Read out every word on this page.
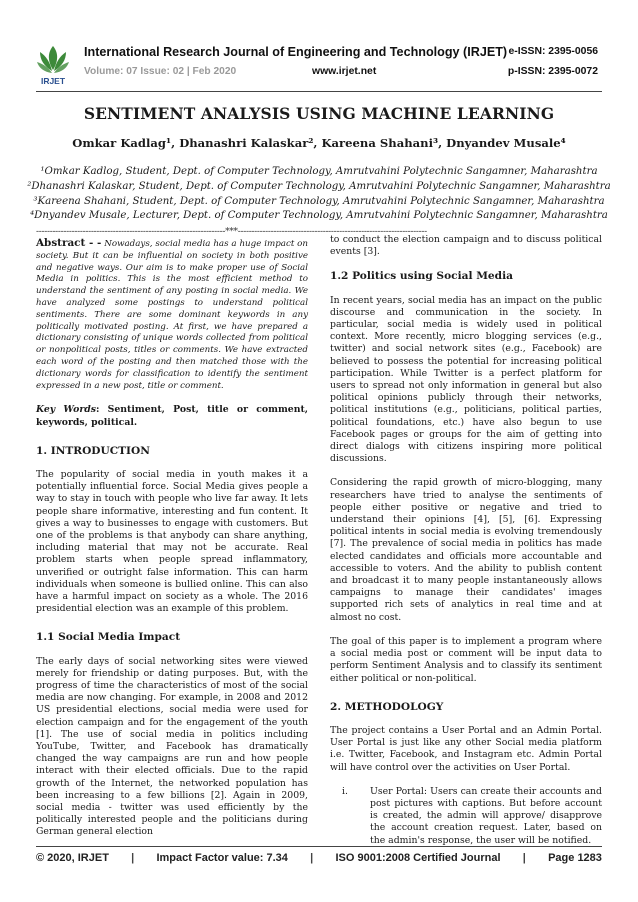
IRJET
International Research Journal of Engineering and Technology (IRJET) e-ISSN: 2395-0056
Volume: 07 Issue: 02 | Feb 2020	www.irjet.net	p-ISSN: 2395-0072
SENTIMENT ANALYSIS USING MACHINE LEARNING
Omkar Kadlag¹, Dhanashri Kalaskar², Kareena Shahani³, Dnyandev Musale⁴
¹Omkar Kadlog, Student, Dept. of Computer Technology, Amrutvahini Polytechnic Sangamner, Maharashtra
²Dhanashri Kalaskar, Student, Dept. of Computer Technology, Amrutvahini Polytechnic Sangamner, Maharashtra
³Kareena Shahani, Student, Dept. of Computer Technology, Amrutvahini Polytechnic Sangamner, Maharashtra
⁴Dnyandev Musale, Lecturer, Dept. of Computer Technology, Amrutvahini Polytechnic Sangamner, Maharashtra
---------------------------------------------------------------------***---------------------------------------------------------------------

Abstract - - Nowadays, social media has a huge impact on society. But it can be influential on society in both positive and negative ways. Our aim is to make proper use of Social Media in politics. This is the most efficient method to understand the sentiment of any posting in social media. We have analyzed some postings to understand political sentiments. There are some dominant keywords in any politically motivated posting. At first, we have prepared a dictionary consisting of unique words collected from political or nonpolitical posts, titles or comments. We have extracted each word of the posting and then matched those with the dictionary words for classification to identify the sentiment expressed in a new post, title or comment.

Key Words: Sentiment, Post, title or comment, keywords, political.

1. INTRODUCTION

The popularity of social media in youth makes it a potentially influential force. Social Media gives people a way to stay in touch with people who live far away. It lets people share informative, interesting and fun content. It gives a way to businesses to engage with customers. But one of the problems is that anybody can share anything, including material that may not be accurate. Real problem starts when people spread inflammatory, unverified or outright false information. This can harm individuals when someone is bullied online. This can also have a harmful impact on society as a whole. The 2016 presidential election was an example of this problem.

1.1 Social Media Impact

The early days of social networking sites were viewed merely for friendship or dating purposes. But, with the progress of time the characteristics of most of the social media are now changing. For example, in 2008 and 2012 US presidential elections, social media were used for election campaign and for the engagement of the youth [1]. The use of social media in politics including YouTube, Twitter, and Facebook has dramatically changed the way campaigns are run and how people interact with their elected officials. Due to the rapid growth of the Internet, the networked population has been increasing to a few billions [2]. Again in 2009, social media - twitter was used efficiently by the politically interested people and the politicians during German general election

to conduct the election campaign and to discuss political events [3].

1.2 Politics using Social Media

In recent years, social media has an impact on the public discourse and communication in the society. In particular, social media is widely used in political context. More recently, micro blogging services (e.g., twitter) and social network sites (e.g., Facebook) are believed to possess the potential for increasing political participation. While Twitter is a perfect platform for users to spread not only information in general but also political opinions publicly through their networks, political institutions (e.g., politicians, political parties, political foundations, etc.) have also begun to use Facebook pages or groups for the aim of getting into direct dialogs with citizens inspiring more political discussions.

Considering the rapid growth of micro-blogging, many researchers have tried to analyse the sentiments of people either positive or negative and tried to understand their opinions [4], [5], [6]. Expressing political intents in social media is evolving tremendously [7]. The prevalence of social media in politics has made elected candidates and officials more accountable and accessible to voters. And the ability to publish content and broadcast it to many people instantaneously allows campaigns to manage their candidates' images supported rich sets of analytics in real time and at almost no cost.

The goal of this paper is to implement a program where a social media post or comment will be input data to perform Sentiment Analysis and to classify its sentiment either political or non-political.

2. METHODOLOGY

The project contains a User Portal and an Admin Portal. User Portal is just like any other Social media platform i.e. Twitter, Facebook, and Instagram etc. Admin Portal will have control over the activities on User Portal.

i.	User Portal: Users can create their accounts and post pictures with captions. But before account is created, the admin will approve/ disapprove the account creation request. Later, based on the admin's response, the user will be notified.
© 2020, IRJET | Impact Factor value: 7.34 | ISO 9001:2008 Certified Journal | Page 1283
